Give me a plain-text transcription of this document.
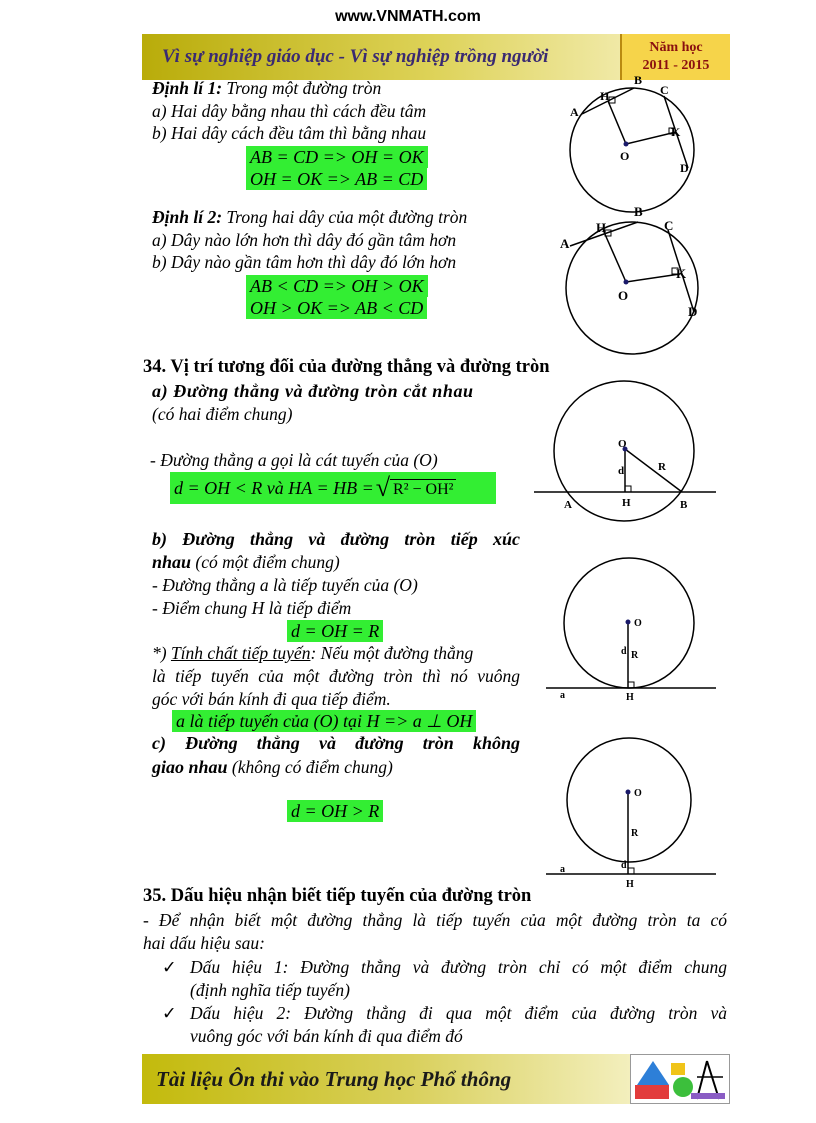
www.VNMATH.com
Vì sự nghiệp giáo dục - Vì sự nghiệp trồng người	Năm học
2011 - 2015
Định lí 1: Trong một đường tròn
a) Hai dây bằng nhau thì cách đều tâm
b) Hai dây cách đều tâm thì bằng nhau
AB = CD => OH = OK
OH = OK => AB = CD
Định lí 2: Trong hai dây của một đường tròn
a) Dây nào lớn hơn thì dây đó gần tâm hơn
b) Dây nào gần tâm hơn thì dây đó lớn hơn
AB < CD => OH > OK
OH > OK => AB < CD
A
B
C
D
H
K
O
A
B
C
D
H
K
O
34. Vị trí tương đối của đường thẳng và đường tròn
a) Đường thẳng và đường tròn cắt nhau
(có hai điểm chung)
- Đường thẳng a gọi là cát tuyến của (O)
d = OH < R và HA = HB = √ R² − OH²
O
d	R
A	H	B
b) Đường thẳng và đường tròn tiếp xúc
nhau (có một điểm chung)
- Đường thẳng a là tiếp tuyến của (O)
- Điểm chung H là tiếp điểm
d = OH = R
*) Tính chất tiếp tuyến: Nếu một đường thẳng
là tiếp tuyến của một đường tròn thì nó vuông
góc với bán kính đi qua tiếp điểm.
a là tiếp tuyến của (O) tại H => a ⊥ OH
O
d R
a	H
c) Đường thẳng và đường tròn không
giao nhau (không có điểm chung)
d = OH > R
O
R
d
a
H
35. Dấu hiệu nhận biết tiếp tuyến của đường tròn
- Để nhận biết một đường thẳng là tiếp tuyến của một đường tròn ta có
hai dấu hiệu sau:
✓ Dấu hiệu 1: Đường thẳng và đường tròn chỉ có một điểm chung
(định nghĩa tiếp tuyến)
✓ Dấu hiệu 2: Đường thẳng đi qua một điểm của đường tròn và
vuông góc với bán kính đi qua điểm đó
Tài liệu Ôn thi vào Trung học Phổ thông
